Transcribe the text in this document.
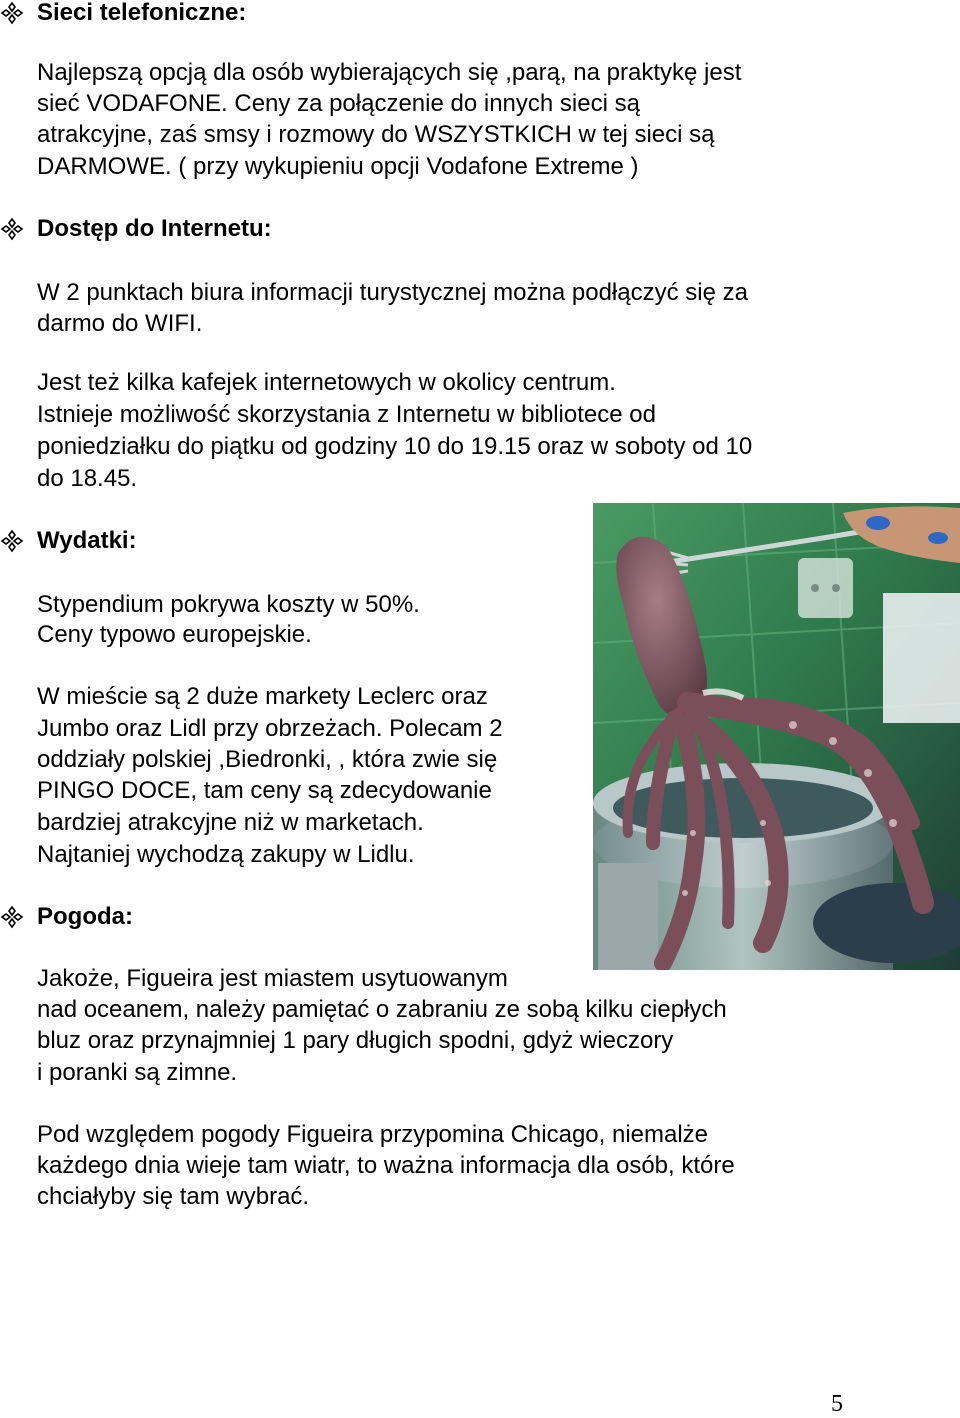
Sieci telefoniczne:
Najlepszą opcją dla osób wybierających się ,parą, na praktykę jest
sieć VODAFONE. Ceny za połączenie do innych sieci są
atrakcyjne, zaś smsy i rozmowy do WSZYSTKICH w tej sieci są
DARMOWE. ( przy wykupieniu opcji Vodafone Extreme )
Dostęp do Internetu:
W 2 punktach biura informacji turystycznej można podłączyć się za
darmo do WIFI.
Jest też kilka kafejek internetowych w okolicy centrum.
Istnieje możliwość skorzystania z Internetu w bibliotece od
poniedziałku do piątku od godziny 10 do 19.15 oraz w soboty od 10
do 18.45.
Wydatki:
Stypendium pokrywa koszty w 50%.
Ceny typowo europejskie.
W mieście są 2 duże markety Leclerc oraz
Jumbo oraz Lidl przy obrzeżach. Polecam 2
oddziały polskiej ,Biedronki, , która zwie się
PINGO DOCE, tam ceny są zdecydowanie
bardziej atrakcyjne niż w marketach.
Najtaniej wychodzą zakupy w Lidlu.
Pogoda:
Jakoże, Figueira jest miastem usytuowanym
nad oceanem, należy pamiętać o zabraniu ze sobą kilku ciepłych
bluz oraz przynajmniej 1 pary długich spodni, gdyż wieczory
i poranki są zimne.
Pod względem pogody Figueira przypomina Chicago, niemalże
każdego dnia wieje tam wiatr, to ważna informacja dla osób, które
chciałyby się tam wybrać.
5
